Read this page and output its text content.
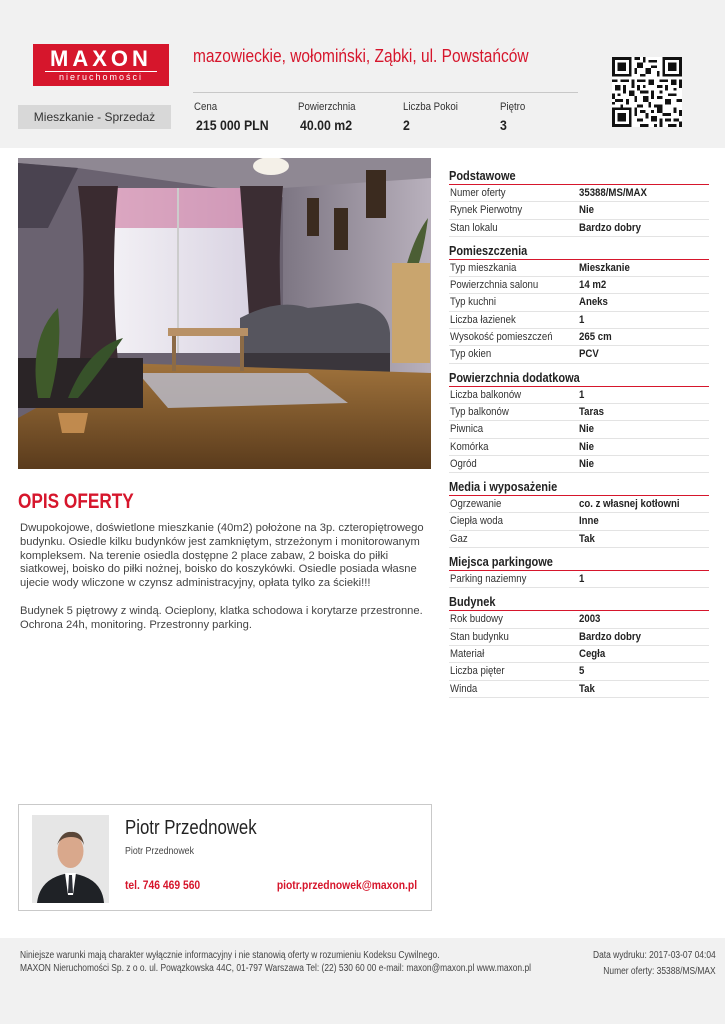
MAXON
nieruchomości
mazowieckie, wołomiński, Ząbki, ul. Powstańców
Mieszkanie - Sprzedaż
Cena
215 000 PLN
Powierzchnia
40.00 m2
Liczba Pokoi
2
Piętro
3
OPIS OFERTY

Dwupokojowe, doświetlone mieszkanie (40m2) położone na 3p. czteropiętrowego budynku. Osiedle kilku budynków jest zamkniętym, strzeżonym i monitorowanym kompleksem. Na terenie osiedla dostępne 2 place zabaw, 2 boiska do piłki siatkowej, boisko do piłki nożnej, boisko do koszykówki. Osiedle posiada własne ujecie wody wliczone w czynsz administracyjny, opłata tylko za ścieki!!!

Budynek 5 piętrowy z windą. Ocieplony, klatka schodowa i korytarze przestronne. Ochrona 24h, monitoring. Przestronny parking.

Podstawowe
Numer oferty	35388/MS/MAX
Rynek Pierwotny	Nie
Stan lokalu	Bardzo dobry
Pomieszczenia
Typ mieszkania	Mieszkanie
Powierzchnia salonu	14 m2
Typ kuchni	Aneks
Liczba łazienek	1
Wysokość pomieszczeń 265 cm
Typ okien	PCV
Powierzchnia dodatkowa
Liczba balkonów	1
Typ balkonów	Taras
Piwnica	Nie
Komórka	Nie
Ogród	Nie
Media i wyposażenie
Ogrzewanie	co. z własnej kotłowni
Ciepła woda	Inne
Gaz	Tak
Miejsca parkingowe
Parking naziemny	1
Budynek
Rok budowy	2003
Stan budynku	Bardzo dobry
Materiał	Cegła
Liczba pięter	5
Winda	Tak
Piotr Przednowek
Piotr Przednowek
tel. 746 469 560	piotr.przednowek@maxon.pl
Niniejsze warunki mają charakter wyłącznie informacyjny i nie stanowią oferty w rozumieniu Kodeksu Cywilnego.
MAXON Nieruchomości Sp. z o o. ul. Powązkowska 44C, 01-797 Warszawa Tel: (22) 530 60 00 e-mail: maxon@maxon.pl www.maxon.pl
Data wydruku: 2017-03-07 04:04
Numer oferty: 35388/MS/MAX
